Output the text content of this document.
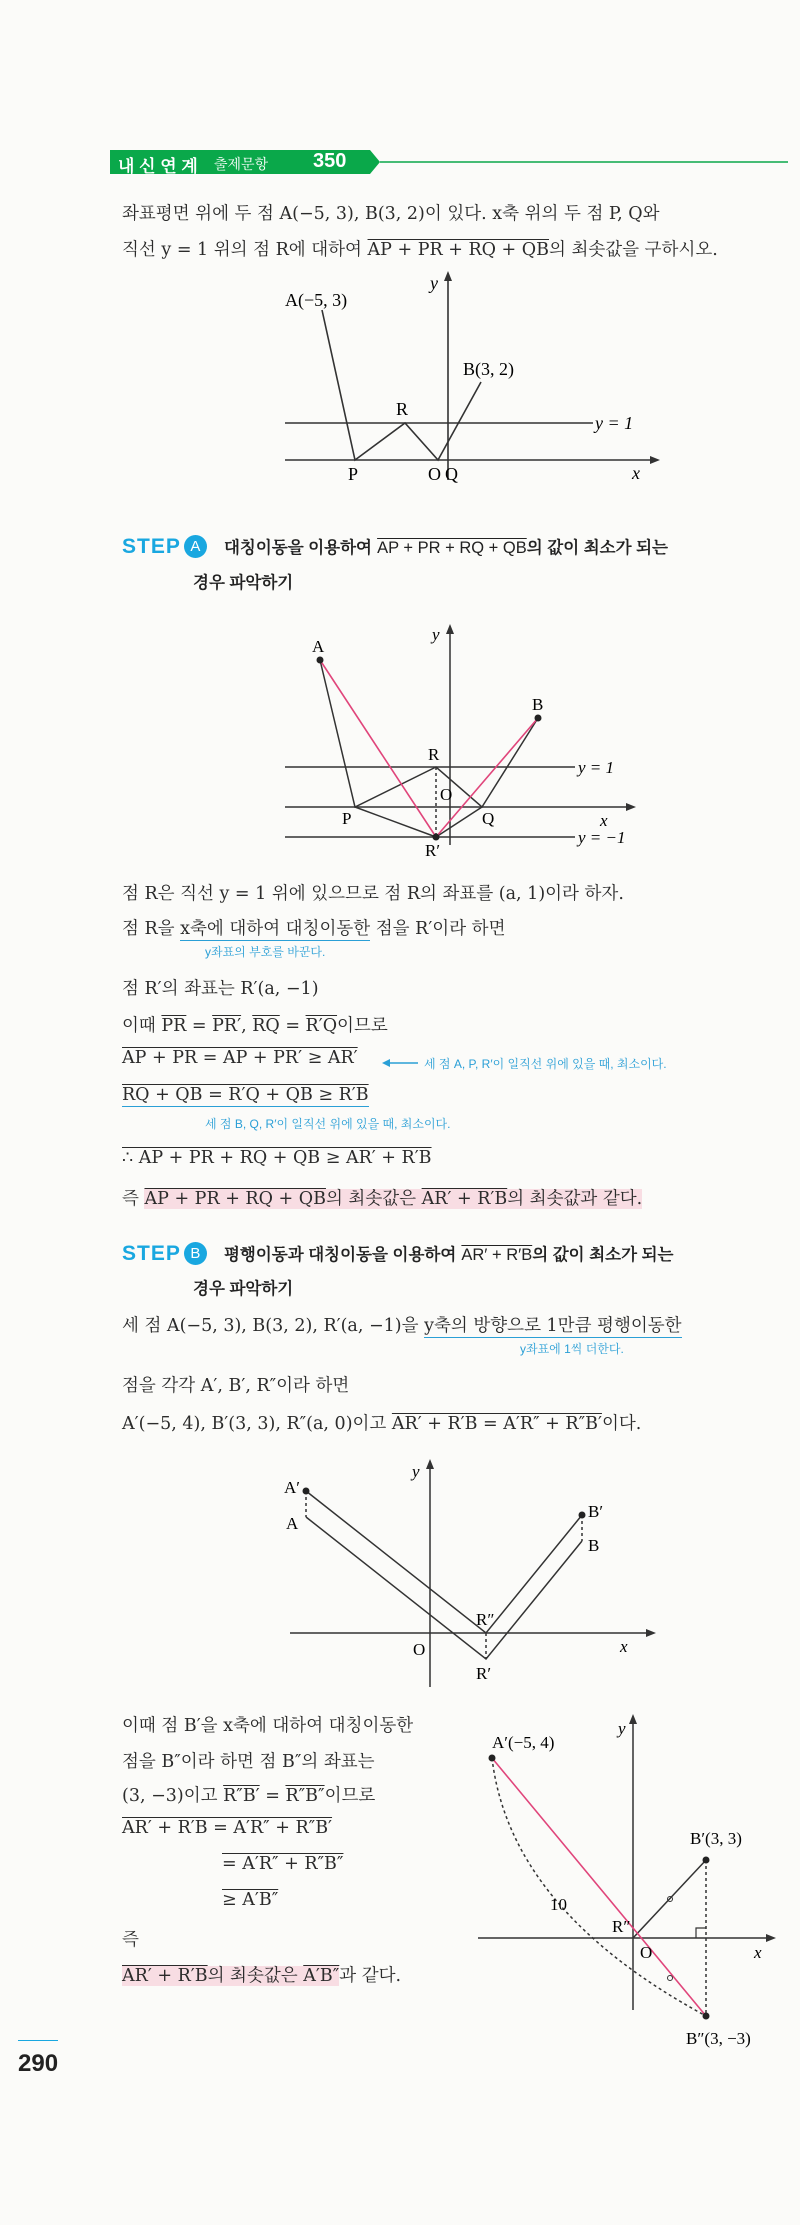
내 신 연 계 출제문항 350
좌표평면 위에 두 점 A(−5, 3), B(3, 2)이 있다. x축 위의 두 점 P, Q와
직선 y = 1 위의 점 R에 대하여 AP + PR + RQ + QB의 최솟값을 구하시오.
A(−5, 3)
B(3, 2)
R
P	O Q
y = 1
x
y
STEP A 대칭이동을 이용하여 AP + PR + RQ + QB의 값이 최소가 되는
경우 파악하기
A
B
R
P
O
Q
R′
y = 1
y = −1
x
y
점 R은 직선 y = 1 위에 있으므로 점 R의 좌표를 (a, 1)이라 하자.
점 R을 x축에 대하여 대칭이동한 점을 R′이라 하면
y좌표의 부호를 바꾼다.
점 R′의 좌표는 R′(a, −1)
이때 $\overline{PR} = PR'$, $\overline{RQ} = R'Q$이므로
AP + PR = AP + PR′ ≥ AR′	세 점 A, P, R′이 일직선 위에 있을 때, 최소이다.
RQ + QB = R′Q + QB ≥ R′B
세 점 B, Q, R′이 일직선 위에 있을 때, 최소이다.
∴ AP + PR + RQ + QB ≥ AR′ + R′B
즉 AP + PR + RQ + QB의 최솟값은 AR′ + R′B의 최솟값과 같다.
STEP B 평행이동과 대칭이동을 이용하여 AR′ + R′B의 값이 최소가 되는
경우 파악하기
세 점 A(−5, 3), B(3, 2), R′(a, −1)을 y축의 방향으로 1만큼 평행이동한
y좌표에 1씩 더한다.
점을 각각 A′, B′, R″이라 하면
A′(−5, 4), B′(3, 3), R″(a, 0)이고 AR′ + R′B = A′R″ + R″B′이다.
A′
A
B′
B
R″
R′
O	x
y
이때 점 B′을 x축에 대하여 대칭이동한
점을 B″이라 하면 점 B″의 좌표는
(3, −3)이고 R″B′ = R″B″이므로
AR′ + R′B = A′R″ + R″B′
= A′R″ + R″B″
≥ A′B″
즉
AR′ + R′B의 최솟값은 A′B″과 같다.
A′(−5, 4)
B′(3, 3)
B″(3, −3)
R″
O
10
x
y
290
